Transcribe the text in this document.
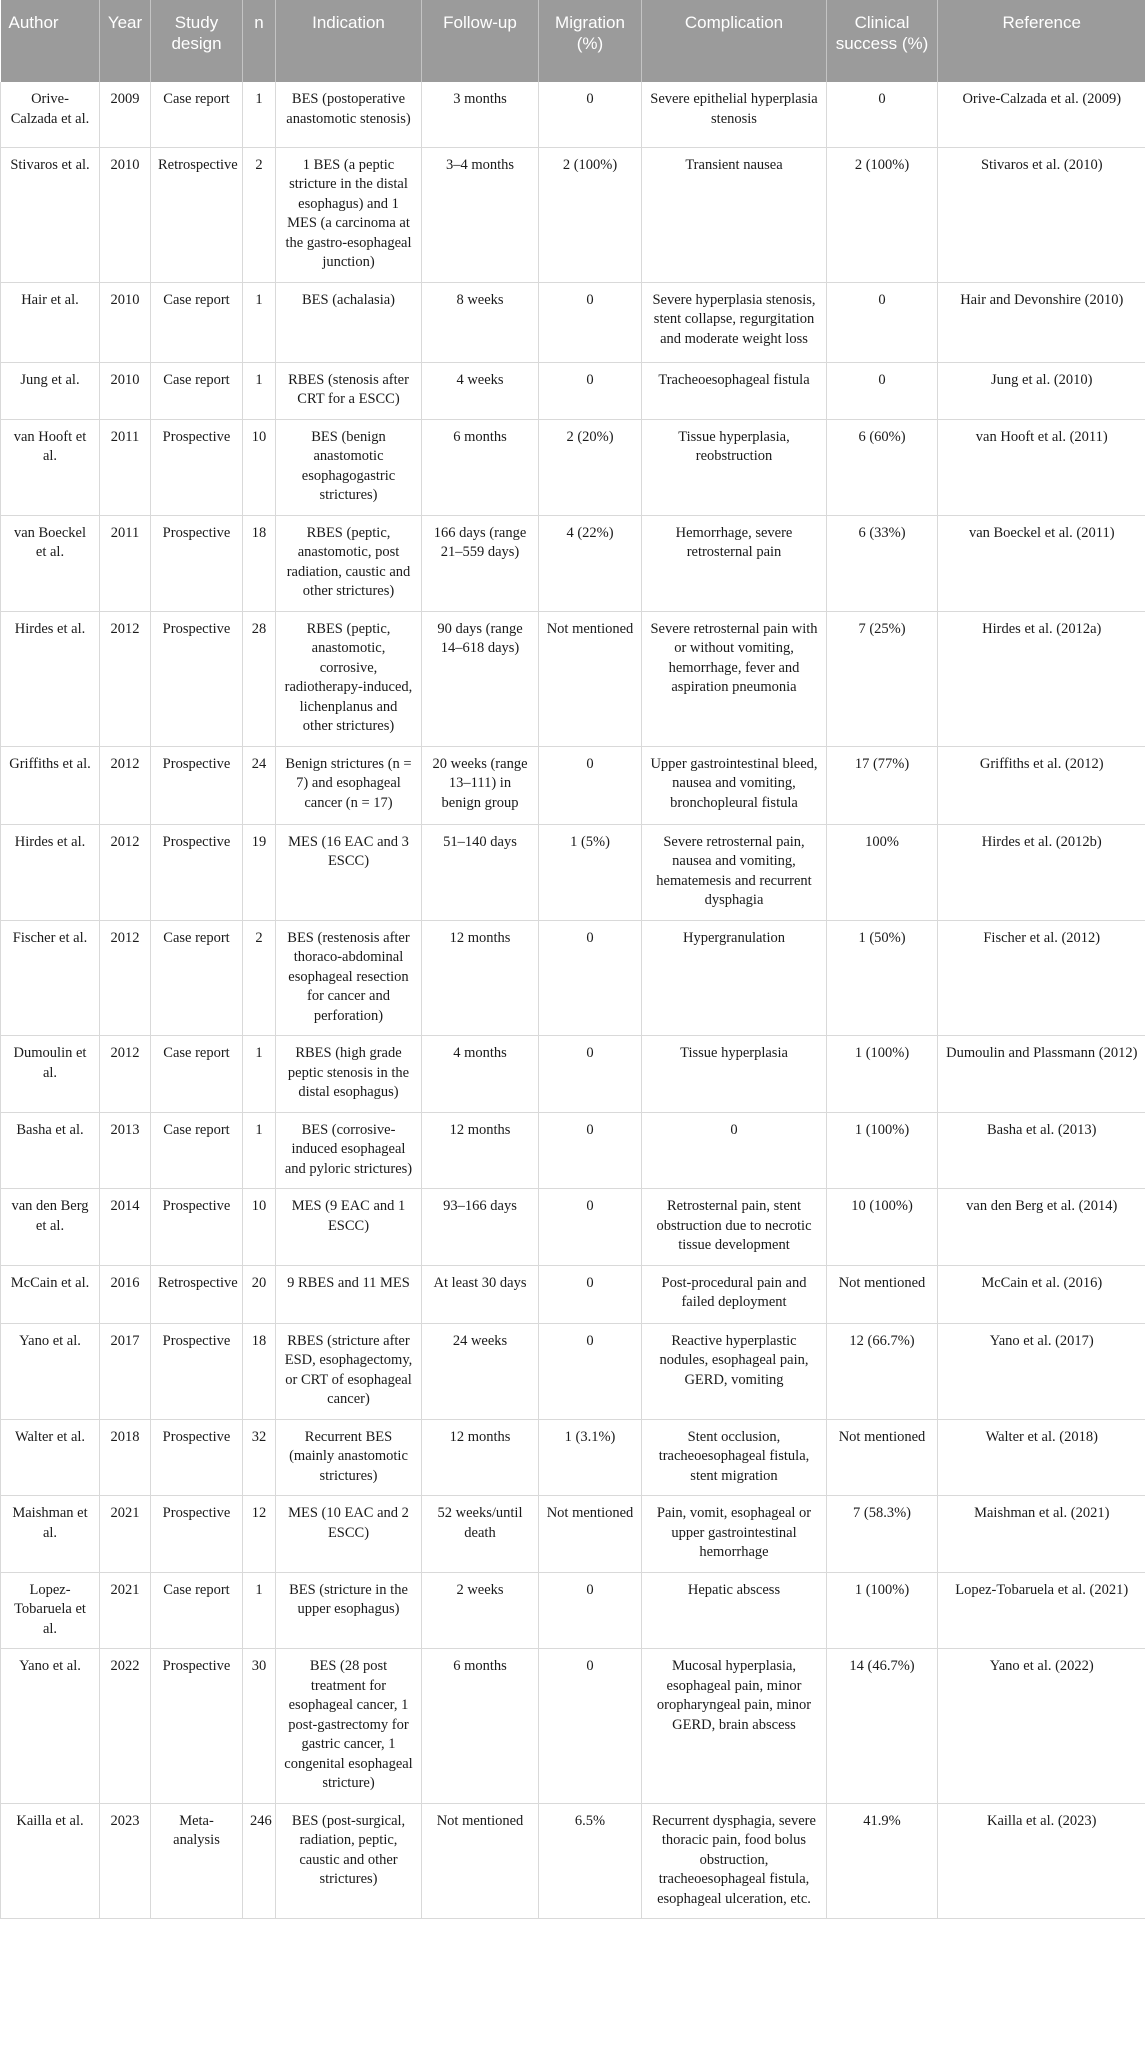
Author	Year	Study design	n	Indication	Follow-up	Migration (%)	Complication	Clinical success (%)	Reference
Orive-Calzada et al.	2009	Case report	1	BES (postoperative anastomotic stenosis)	3 months	0	Severe epithelial hyperplasia stenosis	0	Orive-Calzada et al. (2009)
Stivaros et al.	2010	Retrospective	2	1 BES (a peptic stricture in the distal esophagus) and 1 MES (a carcinoma at the gastro-esophageal junction)	3–4 months	2 (100%)	Transient nausea	2 (100%)	Stivaros et al. (2010)
Hair et al.	2010	Case report	1	BES (achalasia)	8 weeks	0	Severe hyperplasia stenosis, stent collapse, regurgitation and moderate weight loss	0	Hair and Devonshire (2010)
Jung et al.	2010	Case report	1	RBES (stenosis after CRT for a ESCC)	4 weeks	0	Tracheoesophageal fistula	0	Jung et al. (2010)
van Hooft et al.	2011	Prospective	10	BES (benign anastomotic esophagogastric strictures)	6 months	2 (20%)	Tissue hyperplasia, reobstruction	6 (60%)	van Hooft et al. (2011)
van Boeckel et al.	2011	Prospective	18	RBES (peptic, anastomotic, post radiation, caustic and other strictures)	166 days (range 21–559 days)	4 (22%)	Hemorrhage, severe retrosternal pain	6 (33%)	van Boeckel et al. (2011)
Hirdes et al.	2012	Prospective	28	RBES (peptic, anastomotic, corrosive, radiotherapy-induced, lichenplanus and other strictures)	90 days (range 14–618 days)	Not mentioned	Severe retrosternal pain with or without vomiting, hemorrhage, fever and aspiration pneumonia	7 (25%)	Hirdes et al. (2012a)
Griffiths et al.	2012	Prospective	24	Benign strictures (n = 7) and esophageal cancer (n = 17)	20 weeks (range 13–111) in benign group	0	Upper gastrointestinal bleed, nausea and vomiting, bronchopleural fistula	17 (77%)	Griffiths et al. (2012)
Hirdes et al.	2012	Prospective	19	MES (16 EAC and 3 ESCC)	51–140 days	1 (5%)	Severe retrosternal pain, nausea and vomiting, hematemesis and recurrent dysphagia	100%	Hirdes et al. (2012b)
Fischer et al.	2012	Case report	2	BES (restenosis after thoraco-abdominal esophageal resection for cancer and perforation)	12 months	0	Hypergranulation	1 (50%)	Fischer et al. (2012)
Dumoulin et al.	2012	Case report	1	RBES (high grade peptic stenosis in the distal esophagus)	4 months	0	Tissue hyperplasia	1 (100%)	Dumoulin and Plassmann (2012)
Basha et al.	2013	Case report	1	BES (corrosive-induced esophageal and pyloric strictures)	12 months	0	0	1 (100%)	Basha et al. (2013)
van den Berg et al.	2014	Prospective	10	MES (9 EAC and 1 ESCC)	93–166 days	0	Retrosternal pain, stent obstruction due to necrotic tissue development	10 (100%)	van den Berg et al. (2014)
McCain et al.	2016	Retrospective	20	9 RBES and 11 MES	At least 30 days	0	Post-procedural pain and failed deployment	Not mentioned	McCain et al. (2016)
Yano et al.	2017	Prospective	18	RBES (stricture after ESD, esophagectomy, or CRT of esophageal cancer)	24 weeks	0	Reactive hyperplastic nodules, esophageal pain, GERD, vomiting	12 (66.7%)	Yano et al. (2017)
Walter et al.	2018	Prospective	32	Recurrent BES (mainly anastomotic strictures)	12 months	1 (3.1%)	Stent occlusion, tracheoesophageal fistula, stent migration	Not mentioned	Walter et al. (2018)
Maishman et al.	2021	Prospective	12	MES (10 EAC and 2 ESCC)	52 weeks/until death	Not mentioned	Pain, vomit, esophageal or upper gastrointestinal hemorrhage	7 (58.3%)	Maishman et al. (2021)
Lopez-Tobaruela et al.	2021	Case report	1	BES (stricture in the upper esophagus)	2 weeks	0	Hepatic abscess	1 (100%)	Lopez-Tobaruela et al. (2021)
Yano et al.	2022	Prospective	30	BES (28 post treatment for esophageal cancer, 1 post-gastrectomy for gastric cancer, 1 congenital esophageal stricture)	6 months	0	Mucosal hyperplasia, esophageal pain, minor oropharyngeal pain, minor GERD, brain abscess	14 (46.7%)	Yano et al. (2022)
Kailla et al.	2023	Meta-analysis	246	BES (post-surgical, radiation, peptic, caustic and other strictures)	Not mentioned	6.5%	Recurrent dysphagia, severe thoracic pain, food bolus obstruction, tracheoesophageal fistula, esophageal ulceration, etc.	41.9%	Kailla et al. (2023)
